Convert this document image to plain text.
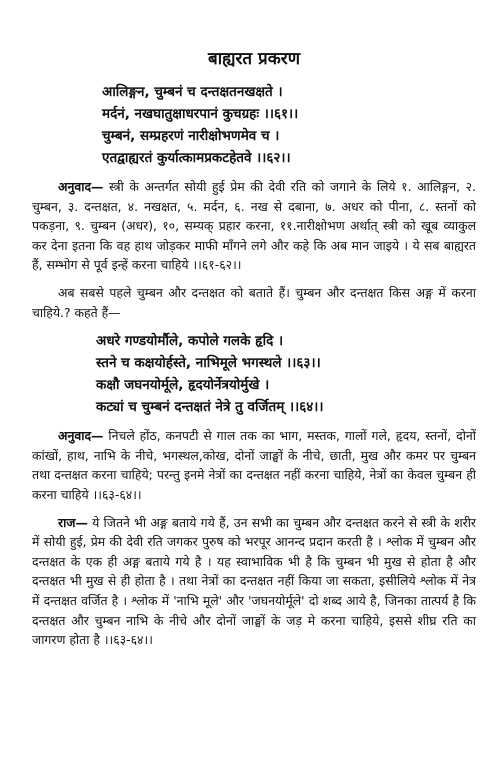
बाह्यरत प्रकरण
आलिङ्गन, चुम्बनं च दन्तक्षतनखक्षते ।
मर्दनं, नखघातुक्षाधरपानं कुचग्रहः ।।६१।।
चुम्बनं, सम्प्रहरणं नारीक्षोभणमेव च ।
एतद्वाह्यरतं कुर्यात्कामप्रकटहेतवे ।।६२।।

अनुवाद— स्त्री के अन्तर्गत सोयी हुई प्रेम की देवी रति को जगाने के लिये १. आलिङ्गन, २. चुम्बन, ३. दन्तक्षत, ४. नखक्षत, ५. मर्दन, ६. नख से दबाना, ७. अधर को पीना, ८. स्तनों को पकड़ना, ९. चुम्बन (अधर), १०, सम्यक् प्रहार करना, ११.नारीक्षोभण अर्थात् स्त्री को खूब व्याकुल कर देना इतना कि वह हाथ जोड़कर माफी माँगने लगे और कहे कि अब मान जाइये । ये सब बाह्यरत हैं, सम्भोग से पूर्व इन्हें करना चाहिये ।।६१-६२।।

अब सबसे पहले चुम्बन और दन्तक्षत को बताते हैं। चुम्बन और दन्तक्षत किस अङ्ग में करना चाहिये.? कहते हैं—

अधरे गण्डयोर्मौले, कपोले गलके हृदि ।
स्तने च कक्षयोर्हस्ते, नाभिमूले भगस्थले ।।६३।।
कक्षौ जघनयोर्मूले, हृदयोर्नेत्रयोर्मुखे ।
कट्यां च चुम्बनं दन्तक्षतं नेत्रे तु वर्जितम् ।।६४।।

अनुवाद— निचले होंठ, कनपटी से गाल तक का भाग, मस्तक, गालों गले, हृदय, स्तनों, दोनों कांखों, हाथ, नाभि के नीचे, भगस्थल,कोख, दोनों जाङ्घों के नीचे, छाती, मुख और कमर पर चुम्बन तथा दन्तक्षत करना चाहिये; परन्तु इनमे नेत्रों का दन्तक्षत नहीं करना चाहिये, नेत्रों का केवल चुम्बन ही करना चाहिये ।।६३-६४।।

राज— ये जितने भी अङ्ग बताये गये हैं, उन सभी का चुम्बन और दन्तक्षत करने से स्त्री के शरीर में सोयी हुई, प्रेम की देवी रति जगकर पुरुष को भरपूर आनन्द प्रदान करती है । श्लोक में चुम्बन और दन्तक्षत के एक ही अङ्ग बताये गये है । यह स्वाभाविक भी है कि चुम्बन भी मुख से होता है और दन्तक्षत भी मुख से ही होता है । तथा नेत्रों का दन्तक्षत नहीं किया जा सकता, इसीलिये श्लोक में नेत्र में दन्तक्षत वर्जित है । श्लोक में 'नाभि मूले' और 'जघनयोर्मूले' दो शब्द आये है, जिनका तात्पर्य है कि दन्तक्षत और चुम्बन नाभि के नीचे और दोनों जाङ्घों के जड़ मे करना चाहिये, इससे शीघ्र रति का जागरण होता है ।।६३-६४।।
